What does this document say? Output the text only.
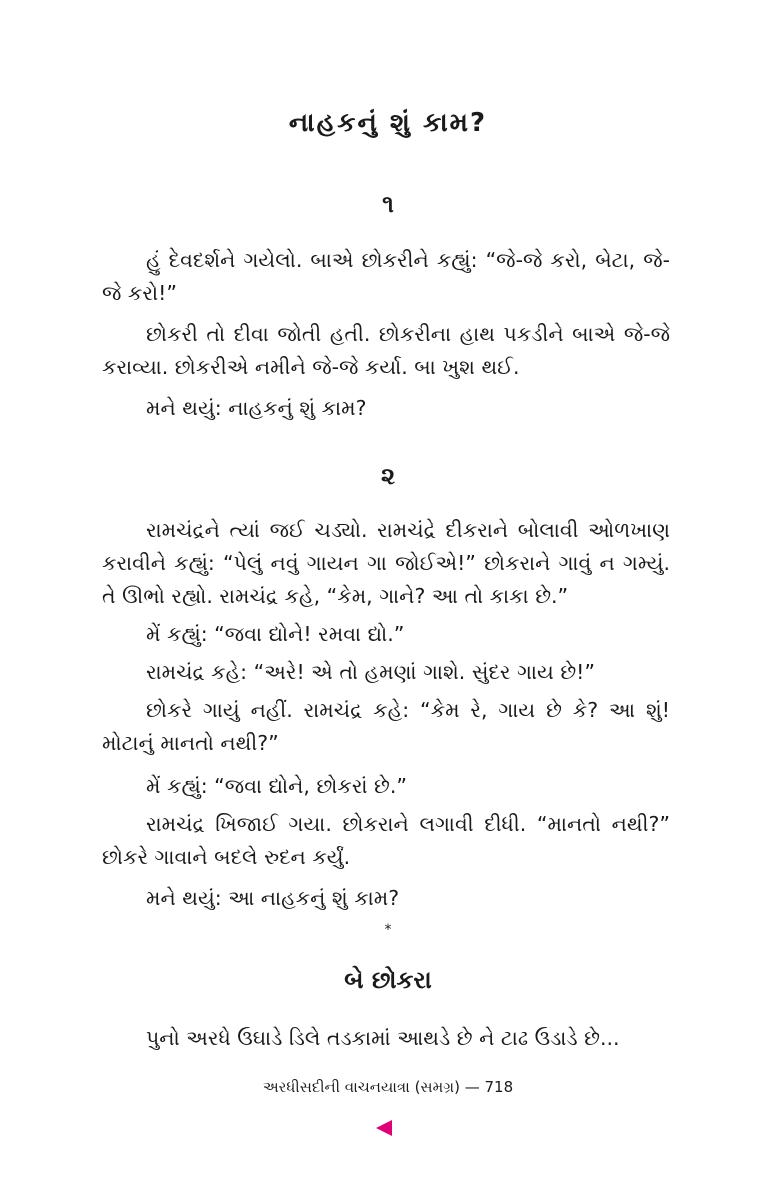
નાહકનું શું કામ?
૧

હું દેવદર્શને ગયેલો. બાએ છોકરીને કહ્યું: “જે-જે કરો, બેટા, જે-જે કરો!”

છોકરી તો દીવા જોતી હતી. છોકરીના હાથ પકડીને બાએ જે-જે કરાવ્યા. છોકરીએ નમીને જે-જે કર્યા. બા ખુશ થઈ.

મને થયું: નાહકનું શું કામ?

૨

રામચંદ્રને ત્યાં જઈ ચડ્યો. રામચંદ્રે દીકરાને બોલાવી ઓળખાણ કરાવીને કહ્યું: “પેલું નવું ગાયન ગા જોઈએ!” છોકરાને ગાવું ન ગમ્યું. તે ઊભો રહ્યો. રામચંદ્ર કહે, “કેમ, ગાને? આ તો કાકા છે.”

મેં કહ્યું: “જવા દ્યોને! રમવા દ્યો.”

રામચંદ્ર કહે: “અરે! એ તો હમણાં ગાશે. સુંદર ગાય છે!”

છોકરે ગાયું નહીં. રામચંદ્ર કહે: “કેમ રે, ગાય છે કે? આ શું! મોટાનું માનતો નથી?”

મેં કહ્યું: “જવા દ્યોને, છોકરાં છે.”

રામચંદ્ર ખિજાઈ ગયા. છોકરાને લગાવી દીધી. “માનતો નથી?” છોકરે ગાવાને બદલે રુદન કર્યું.

મને થયું: આ નાહકનું શું કામ?

*
બે છોકરા

પુનો અરધે ઉઘાડે ડિલે તડકામાં આથડે છે ને ટાઢ ઉડાડે છે...

અરધીસદીની વાચનયાત્રા (સમગ્ર) — 718
